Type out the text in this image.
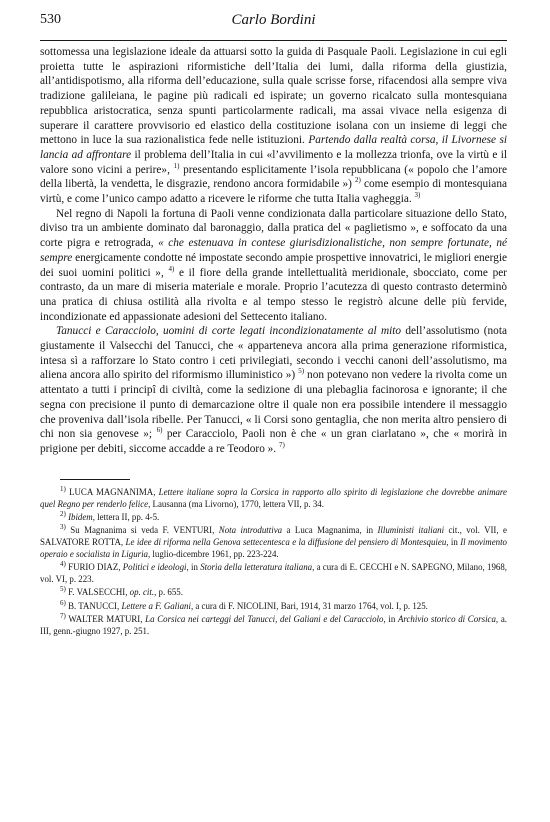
530	Carlo Bordini

sottomessa una legislazione ideale da attuarsi sotto la guida di Pasquale Paoli. Legislazione in cui egli proietta tutte le aspirazioni riformistiche dell’Italia dei lumi, dalla riforma della giustizia, all’antidispotismo, alla riforma dell’educazione, sulla quale scrisse forse, rifacendosi alla sempre viva tradizione galileiana, le pagine più radicali ed ispirate; un governo ricalcato sulla montesquiana repubblica aristocratica, senza spunti particolarmente radicali, ma assai vivace nella esigenza di superare il carattere provvisorio ed elastico della costituzione isolana con un insieme di leggi che mettono in luce la sua razionalistica fede nelle istituzioni. Partendo dalla realtà corsa, il Livornese si lancia ad affrontare il problema dell’Italia in cui «l’avvilimento e la mollezza trionfa, ove la virtù e il valore sono vicini a perire», $^{1)}$ presentando esplicitamente l’isola repubblicana (« popolo che l’amore della libertà, la vendetta, le disgrazie, rendono ancora formidabile ») $^{2)}$ come esempio di montesquiana virtù, e come l’unico campo adatto a ricevere le riforme che tutta Italia vagheggia. $^{3)}$

Nel regno di Napoli la fortuna di Paoli venne condizionata dalla particolare situazione dello Stato, diviso tra un ambiente dominato dal baronaggio, dalla pratica del « paglietismo », e soffocato da una corte pigra e retrograda, « che estenuava in contese giurisdizionalistiche, non sempre fortunate, né sempre energicamente condotte né impostate secondo ampie prospettive innovatrici, le migliori energie dei suoi uomini politici », $^{4)}$ e il fiore della grande intellettualità meridionale, sbocciato, come per contrasto, da un mare di miseria materiale e morale. Proprio l’acutezza di questo contrasto determinò una pratica di chiusa ostilità alla rivolta e al tempo stesso le registrò alcune delle più fervide, incondizionate ed appassionate adesioni del Settecento italiano.

Tanucci e Caracciolo, uomini di corte legati incondizionatamente al mito dell’assolutismo (nota giustamente il Valsecchi del Tanucci, che « apparteneva ancora alla prima generazione riformistica, intesa sì a rafforzare lo Stato contro i ceti privilegiati, secondo i vecchi canoni dell’assolutismo, ma aliena ancora allo spirito del riformismo illuministico ») $^{5)}$ non potevano non vedere la rivolta come un attentato a tutti i principî di civiltà, come la sedizione di una plebaglia facinorosa e ignorante; il che segna con precisione il punto di demarcazione oltre il quale non era possibile intendere il messaggio che proveniva dall’isola ribelle. Per Tanucci, « li Corsi sono gentaglia, che non merita altro pensiero di chi non sia genovese »; $^{6)}$ per Caracciolo, Paoli non è che « un gran ciarlatano », che « morirà in prigione per debiti, siccome accadde a re Teodoro ». $^{7)}$

$^{1)}$ LUCA MAGNANIMA, Lettere italiane sopra la Corsica in rapporto allo spirito di legislazione che dovrebbe animare quel Regno per renderlo felice, Lausanna (ma Livorno), 1770, lettera VII, p. 34.

$^{2)}$ Ibidem, lettera II, pp. 4-5.

$^{3)}$ Su Magnanima si veda F. VENTURI, Nota introduttiva a Luca Magnanima, in Illuministi italiani cit., vol. VII, e SALVATORE ROTTA, Le idee di riforma nella Genova settecentesca e la diffusione del pensiero di Montesquieu, in Il movimento operaio e socialista in Liguria, luglio-dicembre 1961, pp. 223-224.

$^{4)}$ FURIO DIAZ, Politici e ideologi, in Storia della letteratura italiana, a cura di E. CECCHI e N. SAPEGNO, Milano, 1968, vol. VI, p. 223.

$^{5)}$ F. VALSECCHI, op. cit., p. 655.

$^{6)}$ B. TANUCCI, Lettere a F. Galiani, a cura di F. NICOLINI, Bari, 1914, 31 marzo 1764, vol. I, p. 125.

$^{7)}$ WALTER MATURI, La Corsica nei carteggi del Tanucci, del Galiani e del Caracciolo, in Archivio storico di Corsica, a. III, genn.-giugno 1927, p. 251.
